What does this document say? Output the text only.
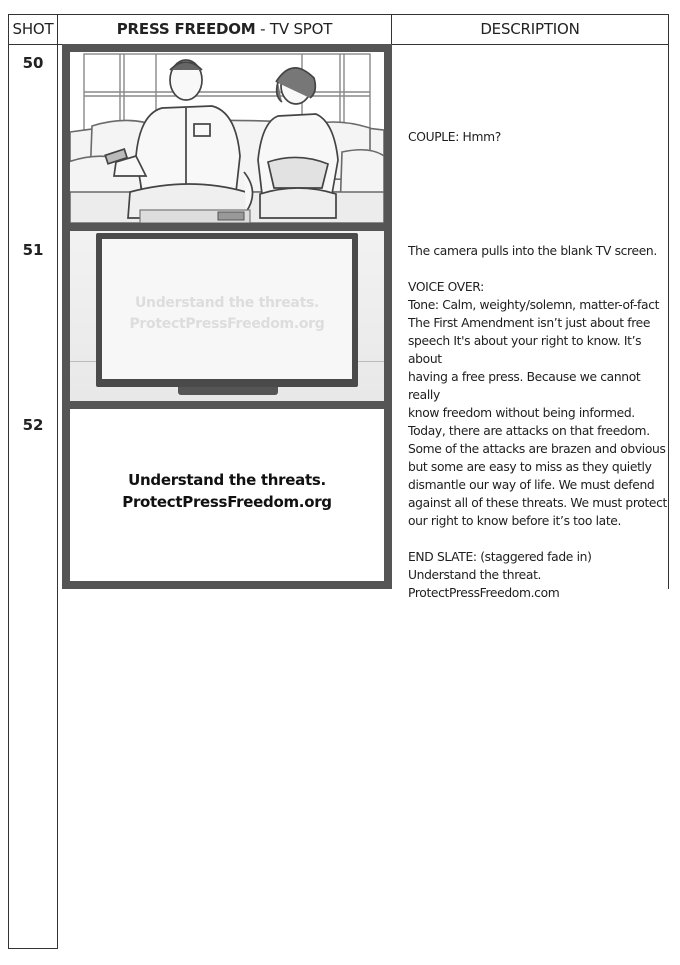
SHOT	PRESS FREEDOM - TV SPOT	DESCRIPTION
50
51
52
Understand the threats.
ProtectPressFreedom.org
Understand the threats.
ProtectPressFreedom.org

COUPLE: Hmm?

The camera pulls into the blank TV screen.

VOICE OVER:

Tone: Calm, weighty/solemn, matter-of-fact

The First Amendment isn’t just about free

speech It's about your right to know. It’s about

having a free press. Because we cannot really

know freedom without being informed.

Today, there are attacks on that freedom.

Some of the attacks are brazen and obvious

but some are easy to miss as they quietly

dismantle our way of life. We must defend

against all of these threats. We must protect

our right to know before it’s too late.

END SLATE: (staggered fade in)

Understand the threat.

ProtectPressFreedom.com
